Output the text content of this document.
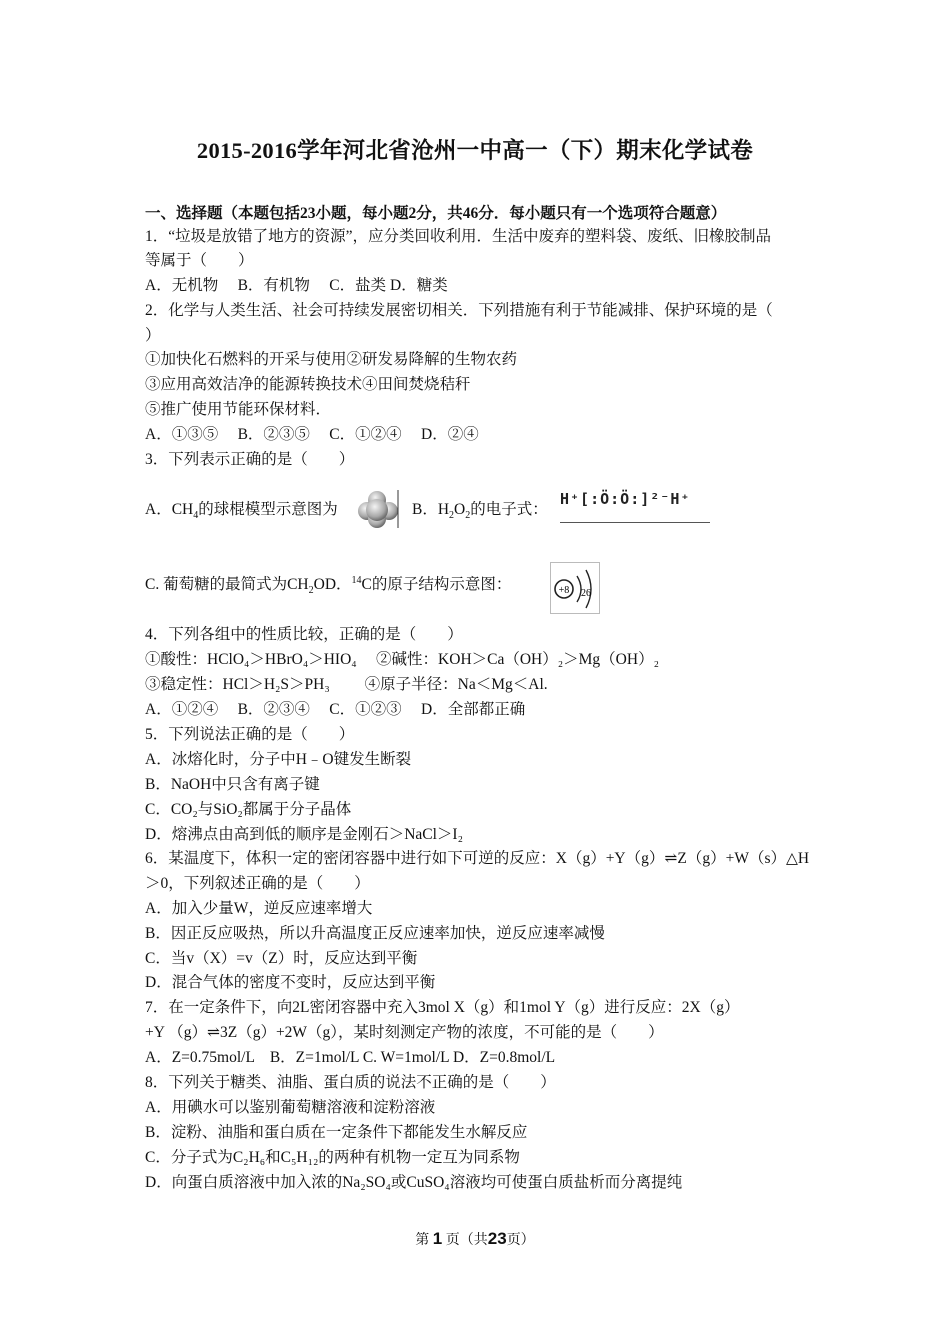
2015-2016学年河北省沧州一中高一（下）期末化学试卷
一、选择题（本题包括23小题，每小题2分，共46分．每小题只有一个选项符合题意）
1．“垃圾是放错了地方的资源”，应分类回收利用．生活中废弃的塑料袋、废纸、旧橡胶制品
等属于（　　）
A．无机物　 B．有机物　 C．盐类 D．糖类
2．化学与人类生活、社会可持续发展密切相关．下列措施有利于节能减排、保护环境的是（
）
①加快化石燃料的开采与使用②研发易降解的生物农药
③应用高效洁净的能源转换技术④田间焚烧秸秆
⑤推广使用节能环保材料．
A．①③⑤　 B．②③⑤　 C．①②④　 D．②④
3．下列表示正确的是（　　）
A．$CH_4$的球棍模型示意图为	B．$H_2O_2$的电子式：
H⁺[:Ö:Ö:]²⁻H⁺
C. 葡萄糖的最简式为$CH_2OD$．$^{14}$C的原子结构示意图：	+8 26
4．下列各组中的性质比较，正确的是（　　）
①酸性：HClO₄＞HBrO₄＞HIO₄　 ②碱性：KOH＞Ca（OH）₂＞Mg（OH）₂
③稳定性：HCl＞H₂S＞PH₃　　 ④原子半径：Na＜Mg＜Al.
A．①②④　 B．②③④　 C．①②③　 D．全部都正确
5．下列说法正确的是（　　）
A．冰熔化时，分子中H﹣O键发生断裂
B．NaOH中只含有离子键
C．CO₂与SiO₂都属于分子晶体
D．熔沸点由高到低的顺序是金刚石＞NaCl＞I₂
6．某温度下，体积一定的密闭容器中进行如下可逆的反应：X（g）+Y（g）⇌Z（g）+W（s）△H
＞0，下列叙述正确的是（　　）
A．加入少量W，逆反应速率增大
B．因正反应吸热，所以升高温度正反应速率加快，逆反应速率减慢
C．当v（X）=v（Z）时，反应达到平衡
D．混合气体的密度不变时，反应达到平衡
7．在一定条件下，向2L密闭容器中充入3mol X（g）和1mol Y（g）进行反应：2X（g）
+Y （g）⇌3Z（g）+2W（g），某时刻测定产物的浓度，不可能的是（　　）
A．Z=0.75mol/L　B．Z=1mol/L C. W=1mol/L D．Z=0.8mol/L
8．下列关于糖类、油脂、蛋白质的说法不正确的是（　　）
A．用碘水可以鉴别葡萄糖溶液和淀粉溶液
B．淀粉、油脂和蛋白质在一定条件下都能发生水解反应
C．分子式为C₂H₆和C₅H₁₂的两种有机物一定互为同系物
D．向蛋白质溶液中加入浓的Na₂SO₄或CuSO₄溶液均可使蛋白质盐析而分离提纯
第 1 页（共23页）
